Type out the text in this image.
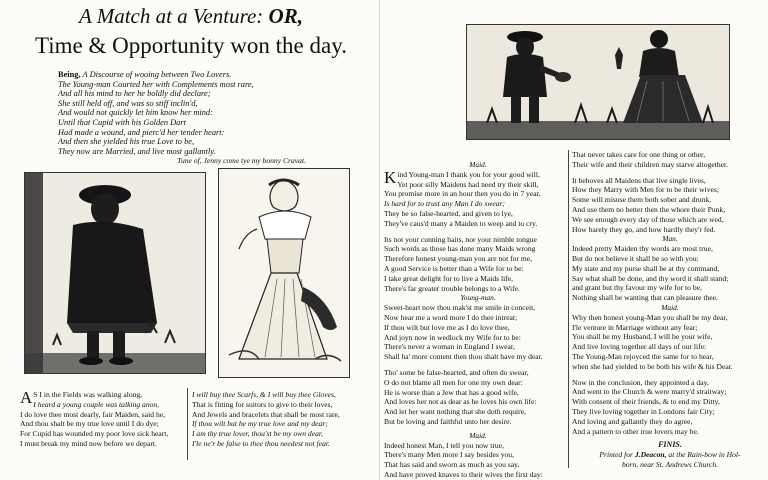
A Match at a Venture: OR,
Time & Opportunity won the day.
Being, A Discourse of wooing between Two Lovers.
The Young-man Courted her with Complements most rare,
And all his mind to her he boldly did declare;
She still held off, and was so stiff inclin'd,
And would not quickly let him know her mind:
Until that Cupid with his Golden Dart
Had made a wound, and pierc'd her tender heart:
And then she yielded his true Love to be,
They now are Married, and live most gallantly.
Tune of, Jenny come tye my bonny Cravat.
A S I in the Fields was walking along,
I heard a young couple was talking anon,
I do love thee most dearly, fair Maiden, said he,
And thou shalt be my true love until I do dye;
For Cupid has wounded my poor love sick heart,
I must break my mind now before we depart.
I will buy thee Scarfs, & I will buy thee Gloves,
That is fitting for suitors to give to their loves,
And Jewels and bracelets that shall be most rare,
If thou wilt but be my true love and my dear;
I am thy true lover, thou'st be my own dear,
I'le ne'r be false to thee thou needest not fear.
Maid.
Kind Young-man I thank you for your good will,
Yet poor silly Maidens had need try their skill,
You promise more in an hour then you do in 7 year,
Is hard for to trust any Man I do swear;
They be so false-hearted, and given to lye,
They've caus'd many a Maiden to weep and to cry.
Its not your cunning baits, nor your nimble tongue
Such words as those has done many Maids wrong
Therefore honest young-man you are not for me,
A good Service is better than a Wife for to be:
I take great delight for to live a Maids life,
There's far greater trouble belongs to a Wife.
Young-man.
Sweet-heart now thou mak'st me smile in conceit,
Now hear me a word more I do thee intreat;
If thou wilt but love me as I do love thee,
And joyn now in wedlock my Wife for to be:
There's never a woman in England I swear,
Shall ha' more content then thou shalt have my dear.
Tho' some be false-hearted, and often do swear,
O do not blame all men for one my own dear:
He is worse than a Jew that has a good wife,
And loves her not as dear as he loves his own life:
And let her want nothing that she doth require,
But be loving and faithful unto her desire.
Maid.
Indeed honest Man, I tell you now true,
There's many Men more I say besides you,
That has said and sworn as much as you say,
And have proved knaves to their wives the first day:
That never takes care for one thing or other,
Their wife and their children may starve altogether.
It behoves all Maidens that live single lives,
How they Marry with Men for to be their wives;
Some will misuse them both sober and drunk,
And use them no better then the whore their Punk,
We see enough every day of those which are wed,
How barely they go, and how hardly they'r fed.
Man.
Indeed pretty Maiden thy words are most true,
But do not believe it shall be so with you:
My state and my purse shall be at thy command,
Say what shall be done, and thy word it shall stand;
and grant but thy favour my wife for to be,
Nothing shall be wanting that can pleasure thee.
Maid.
Why then honest young-Man you shall be my dear,
I'le venture in Marriage without any fear;
You shall be my Husband, I will be your wife,
And live loving together all days of our life:
The Young-Man rejoyced the same for to hear,
when she had yielded to be both his wife & his Dear.
Now in the conclusion, they appointed a day,
And went to the Church & were marry'd straitway;
With consent of their friends, & to end my Ditty,
They live loving together in Londons fair City;
And loving and gallantly they do agree,
And a pattern to other true lovers may be.
FINIS.
Printed for J.Deacon, at the Rain-bow in Hol-
born, near St. Andrews Church.
